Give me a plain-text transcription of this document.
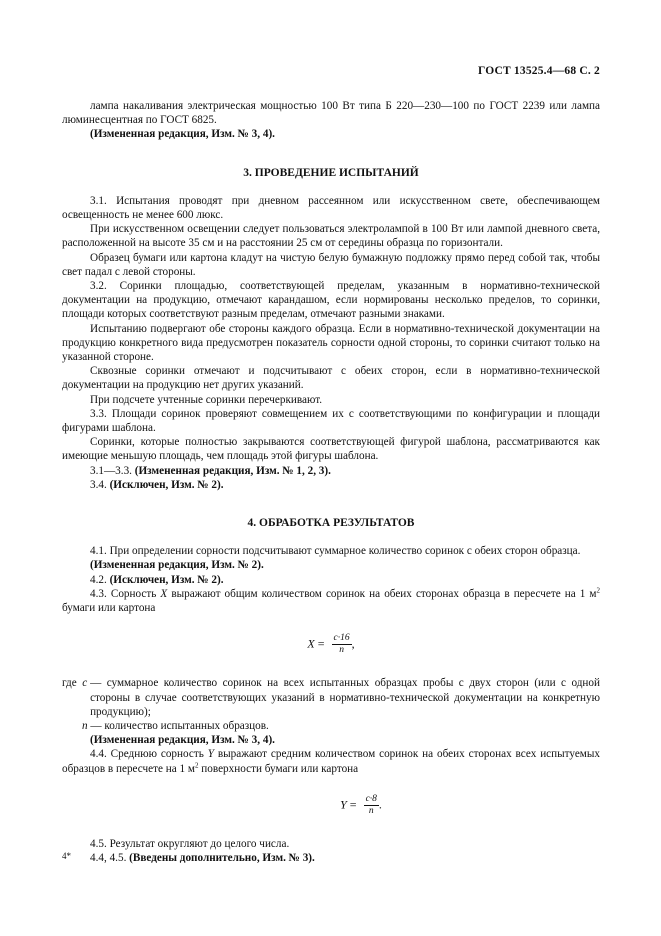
ГОСТ 13525.4—68 С. 2

лампа накаливания электрическая мощностью 100 Вт типа Б 220—230—100 по ГОСТ 2239 или лампа люминесцентная по ГОСТ 6825.

(Измененная редакция, Изм. № 3, 4).

3. ПРОВЕДЕНИЕ ИСПЫТАНИЙ

3.1. Испытания проводят при дневном рассеянном или искусственном свете, обеспечивающем освещенность не менее 600 люкс.

При искусственном освещении следует пользоваться электролампой в 100 Вт или лампой дневного света, расположенной на высоте 35 см и на расстоянии 25 см от середины образца по горизонтали.

Образец бумаги или картона кладут на чистую белую бумажную подложку прямо перед собой так, чтобы свет падал с левой стороны.

3.2. Соринки площадью, соответствующей пределам, указанным в нормативно-технической документации на продукцию, отмечают карандашом, если нормированы несколько пределов, то соринки, площади которых соответствуют разным пределам, отмечают разными знаками.

Испытанию подвергают обе стороны каждого образца. Если в нормативно-технической документации на продукцию конкретного вида предусмотрен показатель сорности одной стороны, то соринки считают только на указанной стороне.

Сквозные соринки отмечают и подсчитывают с обеих сторон, если в нормативно-технической документации на продукцию нет других указаний.

При подсчете учтенные соринки перечеркивают.

3.3. Площади соринок проверяют совмещением их с соответствующими по конфигурации и площади фигурами шаблона.

Соринки, которые полностью закрываются соответствующей фигурой шаблона, рассматриваются как имеющие меньшую площадь, чем площадь этой фигуры шаблона.

3.1—3.3. (Измененная редакция, Изм. № 1, 2, 3).

3.4. (Исключен, Изм. № 2).

4. ОБРАБОТКА РЕЗУЛЬТАТОВ

4.1. При определении сорности подсчитывают суммарное количество соринок с обеих сторон образца.

(Измененная редакция, Изм. № 2).

4.2. (Исключен, Изм. № 2).

4.3. Сорность X выражают общим количеством соринок на обеих сторонах образца в пересчете на 1 $м^2$ бумаги или картона

$X = \frac{c\cdot 16}{n}$ ,
где c — суммарное количество соринок на всех испытанных образцах пробы с двух сторон (или с одной стороны в случае соответствующих указаний в нормативно-технической документации на конкретную продукцию);
n — количество испытанных образцов.

(Измененная редакция, Изм. № 3, 4).

4.4. Среднюю сорность Y выражают средним количеством соринок на обеих сторонах всех испытуемых образцов в пересчете на 1 $м^2$ поверхности бумаги или картона

$Y = \frac{c\cdot 8}{n}$ .

4.5. Результат округляют до целого числа.

4.4, 4.5. (Введены дополнительно, Изм. № 3).

4*
